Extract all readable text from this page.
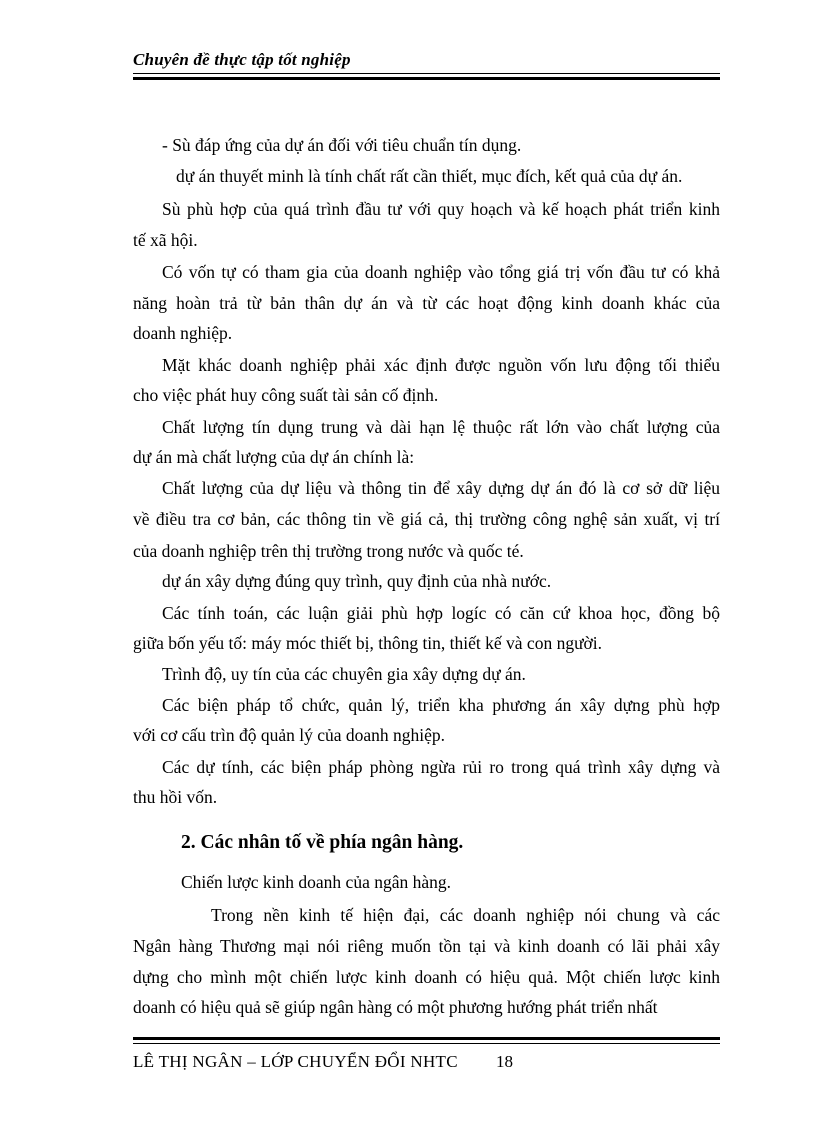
Chuyên đề thực tập tốt nghiệp
- Sù đáp ứng của dự án đối với tiêu chuẩn tín dụng.
dự án thuyết minh là tính chất rất cần thiết, mục đích, kết quả của dự án.
Sù phù hợp của quá trình đầu tư với quy hoạch và kế hoạch phát triển kinh
tế xã hội.
Có vốn tự có tham gia của doanh nghiệp vào tổng giá trị vốn đầu tư có khả
năng hoàn trả từ bản thân dự án và từ các hoạt động kinh doanh khác của
doanh nghiệp.
Mặt khác doanh nghiệp phải xác định được nguồn vốn lưu động tối thiểu
cho việc phát huy công suất tài sản cố định.
Chất lượng tín dụng trung và dài hạn lệ thuộc rất lớn vào chất lượng của
dự án mà chất lượng của dự án chính là:
Chất lượng của dự liệu và thông tin để xây dựng dự án đó là cơ sở dữ liệu
về điều tra cơ bản, các thông tin về giá cả, thị trường công nghệ sản xuất, vị trí
của doanh nghiệp trên thị trường trong nước và quốc té.
dự án xây dựng đúng quy trình, quy định của nhà nước.
Các tính toán, các luận giải phù hợp logíc có căn cứ khoa học, đồng bộ
giữa bốn yếu tố: máy móc thiết bị, thông tin, thiết kế và con người.
Trình độ, uy tín của các chuyên gia xây dựng dự án.
Các biện pháp tổ chức, quản lý, triển kha phương án xây dựng phù hợp
với cơ cấu trìn độ quản lý của doanh nghiệp.
Các dự tính, các biện pháp phòng ngừa rủi ro trong quá trình xây dựng và
thu hồi vốn.
2. Các nhân tố về phía ngân hàng.
Chiến lược kinh doanh của ngân hàng.
Trong nền kinh tế hiện đại, các doanh nghiệp nói chung và các
Ngân hàng Thương mại nói riêng muốn tồn tại và kinh doanh có lãi phải xây
dựng cho mình một chiến lược kinh doanh có hiệu quả. Một chiến lược kinh
doanh có hiệu quả sẽ giúp ngân hàng có một phương hướng phát triển nhất
LÊ THỊ NGÂN – LỚP CHUYỂN ĐỔI NHTC 18
